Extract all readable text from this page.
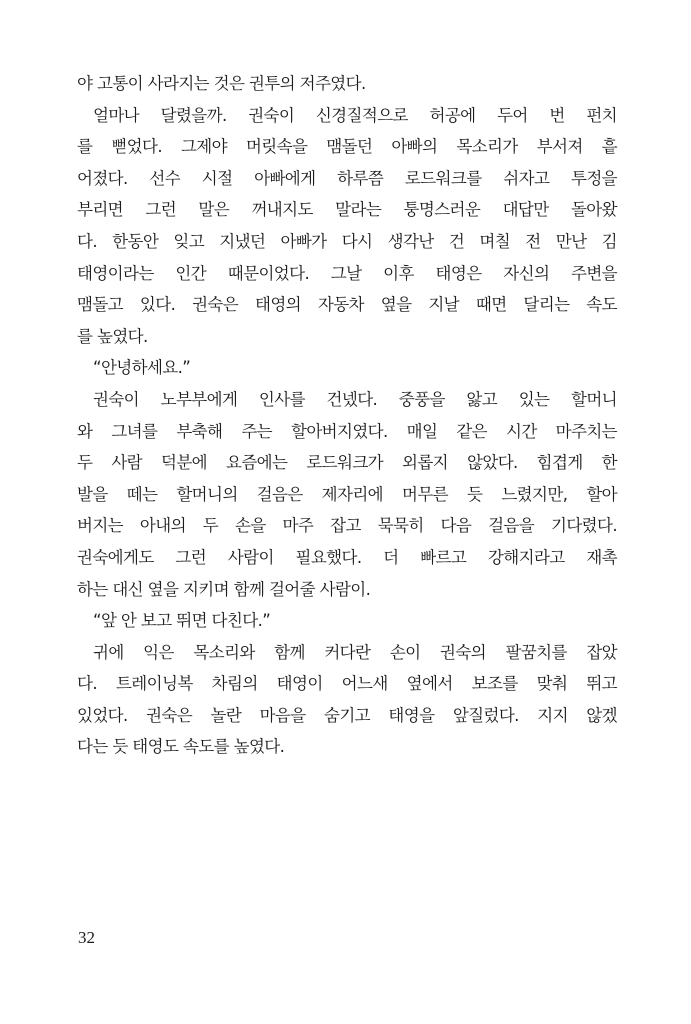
야 고통이 사라지는 것은 권투의 저주였다.
얼마나 달렸을까. 권숙이 신경질적으로 허공에 두어 번 펀치
를 뻗었다. 그제야 머릿속을 맴돌던 아빠의 목소리가 부서져 흩
어졌다. 선수 시절 아빠에게 하루쯤 로드워크를 쉬자고 투정을
부리면 그런 말은 꺼내지도 말라는 퉁명스러운 대답만 돌아왔
다. 한동안 잊고 지냈던 아빠가 다시 생각난 건 며칠 전 만난 김
태영이라는 인간 때문이었다. 그날 이후 태영은 자신의 주변을
맴돌고 있다. 권숙은 태영의 자동차 옆을 지날 때면 달리는 속도
를 높였다.
“안녕하세요.”
권숙이 노부부에게 인사를 건넸다. 중풍을 앓고 있는 할머니
와 그녀를 부축해 주는 할아버지였다. 매일 같은 시간 마주치는
두 사람 덕분에 요즘에는 로드워크가 외롭지 않았다. 힘겹게 한
발을 떼는 할머니의 걸음은 제자리에 머무른 듯 느렸지만, 할아
버지는 아내의 두 손을 마주 잡고 묵묵히 다음 걸음을 기다렸다.
권숙에게도 그런 사람이 필요했다. 더 빠르고 강해지라고 재촉
하는 대신 옆을 지키며 함께 걸어줄 사람이.
“앞 안 보고 뛰면 다친다.”
귀에 익은 목소리와 함께 커다란 손이 권숙의 팔꿈치를 잡았
다. 트레이닝복 차림의 태영이 어느새 옆에서 보조를 맞춰 뛰고
있었다. 권숙은 놀란 마음을 숨기고 태영을 앞질렀다. 지지 않겠
다는 듯 태영도 속도를 높였다.
32
